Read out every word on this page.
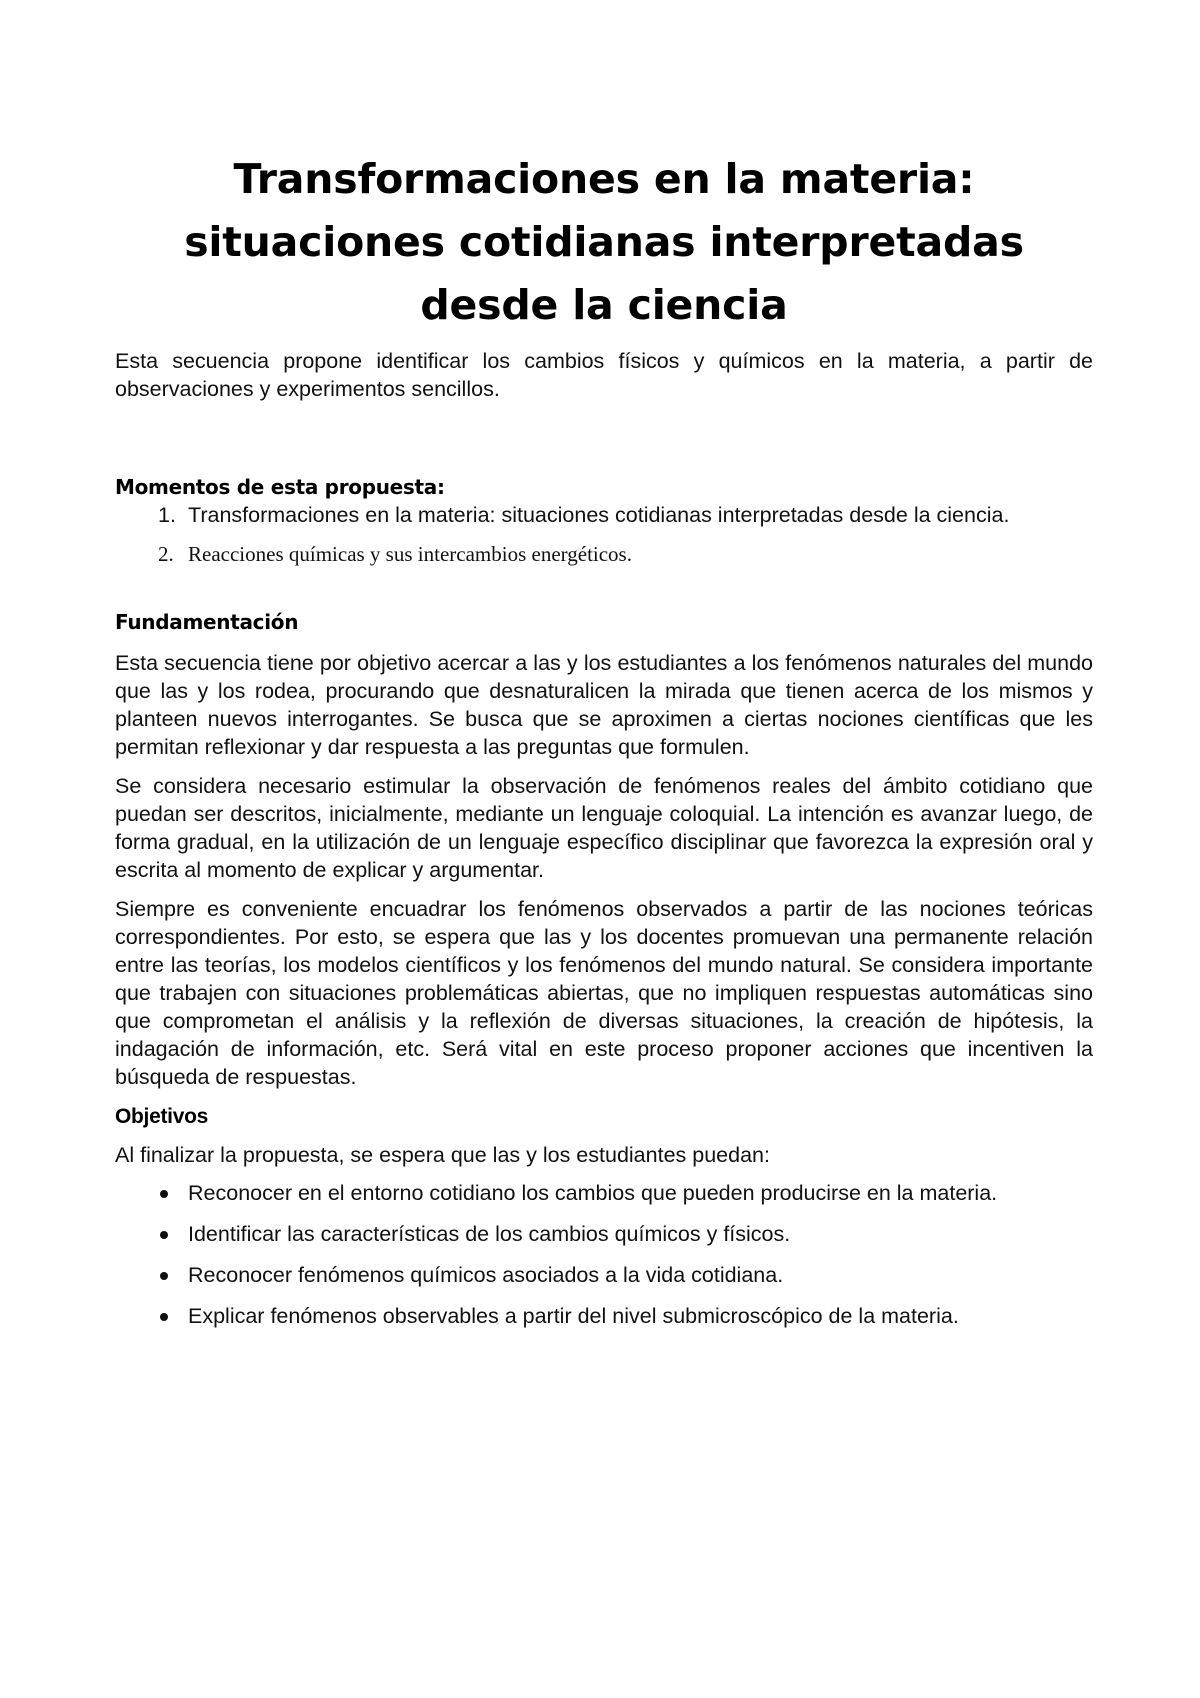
Transformaciones en la materia:
situaciones cotidianas interpretadas
desde la ciencia

Esta secuencia propone identificar los cambios físicos y químicos en la materia, a partir de observaciones y experimentos sencillos.

Momentos de esta propuesta:
1. Transformaciones en la materia: situaciones cotidianas interpretadas desde la ciencia.
2. Reacciones químicas y sus intercambios energéticos.
Fundamentación

Esta secuencia tiene por objetivo acercar a las y los estudiantes a los fenómenos naturales del mundo que las y los rodea, procurando que desnaturalicen la mirada que tienen acerca de los mismos y planteen nuevos interrogantes. Se busca que se aproximen a ciertas nociones científicas que les permitan reflexionar y dar respuesta a las preguntas que formulen.

Se considera necesario estimular la observación de fenómenos reales del ámbito cotidiano que puedan ser descritos, inicialmente, mediante un lenguaje coloquial. La intención es avanzar luego, de forma gradual, en la utilización de un lenguaje específico disciplinar que favorezca la expresión oral y escrita al momento de explicar y argumentar.

Siempre es conveniente encuadrar los fenómenos observados a partir de las nociones teóricas correspondientes. Por esto, se espera que las y los docentes promuevan una permanente relación entre las teorías, los modelos científicos y los fenómenos del mundo natural. Se considera importante que trabajen con situaciones problemáticas abiertas, que no impliquen respuestas automáticas sino que comprometan el análisis y la reflexión de diversas situaciones, la creación de hipótesis, la indagación de información, etc. Será vital en este proceso proponer acciones que incentiven la búsqueda de respuestas.

Objetivos

Al finalizar la propuesta, se espera que las y los estudiantes puedan:

Reconocer en el entorno cotidiano los cambios que pueden producirse en la materia.
Identificar las características de los cambios químicos y físicos.
Reconocer fenómenos químicos asociados a la vida cotidiana.
Explicar fenómenos observables a partir del nivel submicroscópico de la materia.
